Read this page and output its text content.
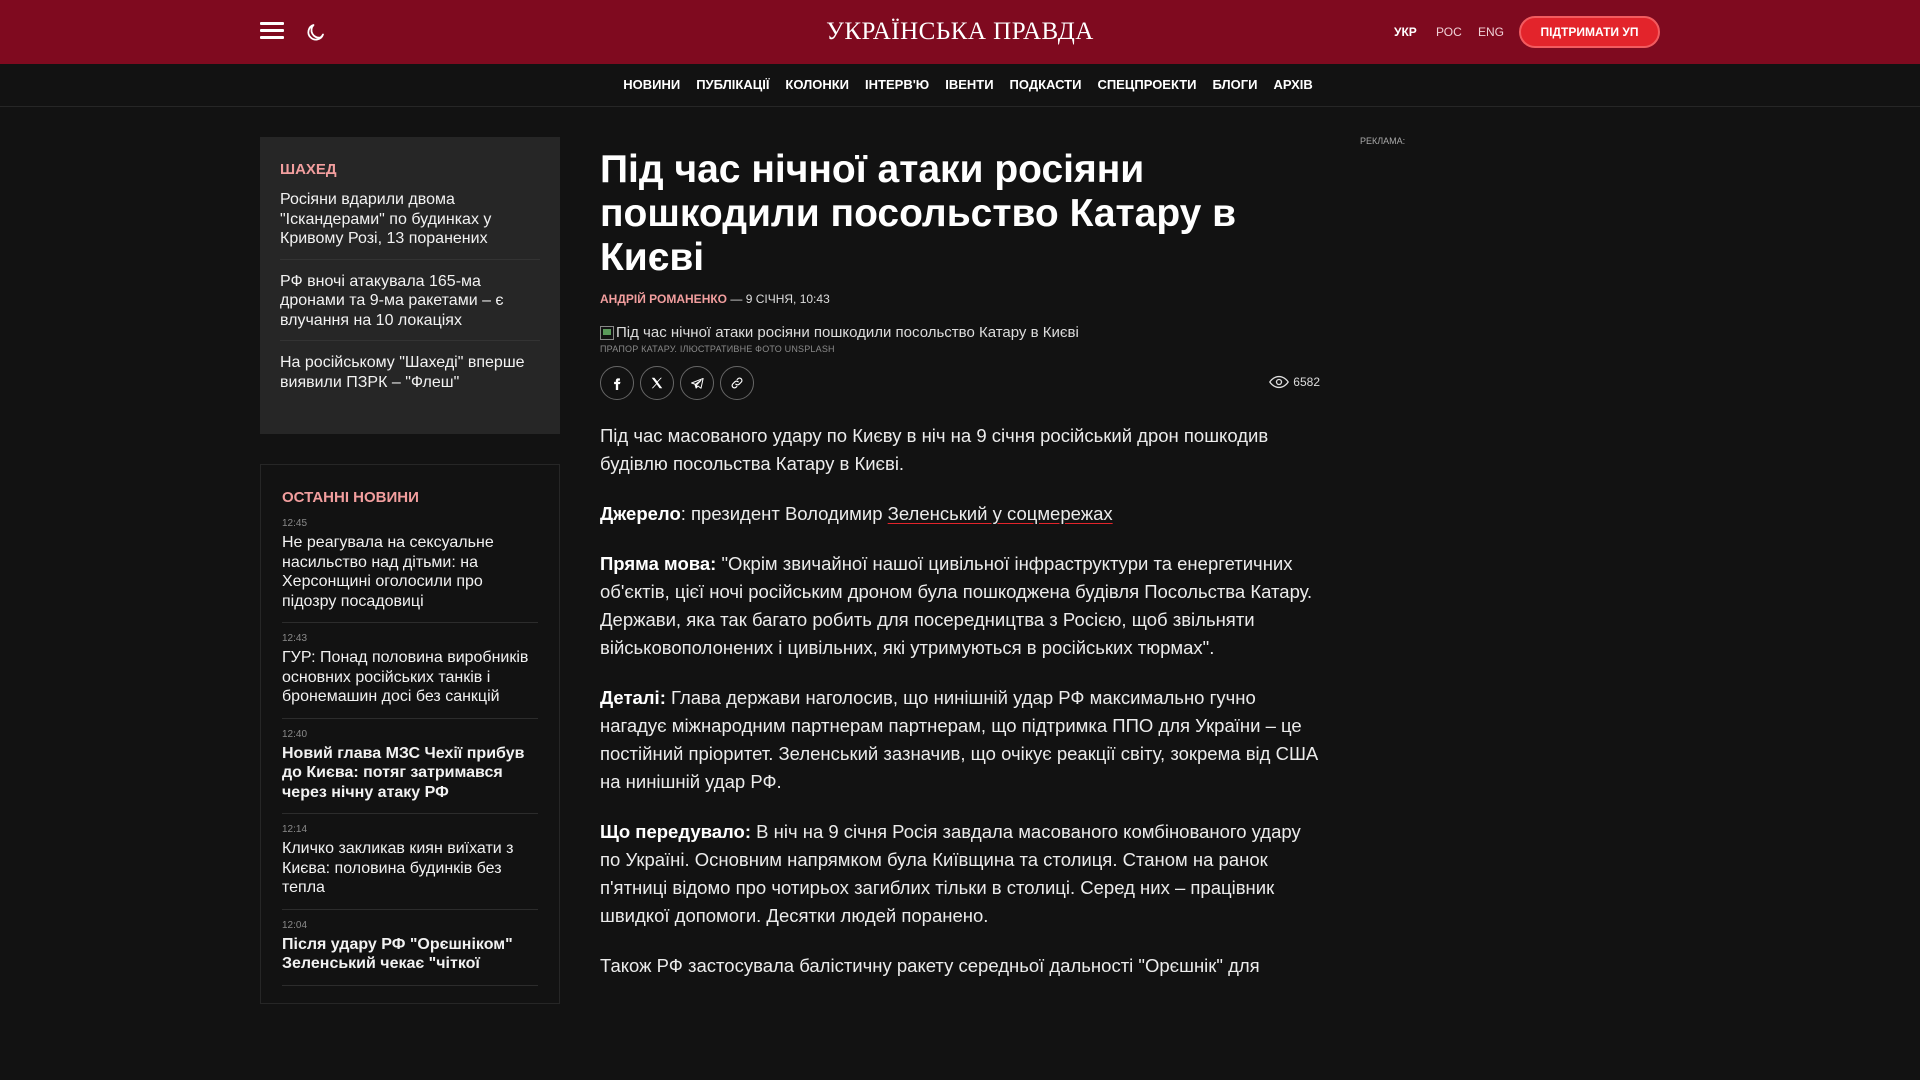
УКРАЇНСЬКА ПРАВДА	УКР РОС ENG	ПІДТРИМАТИ УП
НОВИНИ ПУБЛІКАЦІЇ КОЛОНКИ ІНТЕРВ'Ю ІВЕНТИ ПОДКАСТИ СПЕЦПРОЕКТИ БЛОГИ АРХІВ
ШАХЕД
Росіяни вдарили двома "Іскандерами" по будинках у Кривому Розі, 13 поранених
РФ вночі атакувала 165-ма дронами та 9-ма ракетами – є влучання на 10 локаціях
На російському "Шахеді" вперше виявили ПЗРК – "Флеш"
ОСТАННІ НОВИНИ
12:45
Не реагувала на сексуальне насильство над дітьми: на Херсонщині оголосили про підозру посадовиці
12:43
ГУР: Понад половина виробників основних російських танків і бронемашин досі без санкцій
12:40
Новий глава МЗС Чехії прибув до Києва: потяг затримався через нічну атаку РФ
12:14
Кличко закликав киян виїхати з Києва: половина будинків без тепла
12:04
Після удару РФ "Орєшніком" Зеленський чекає "чіткої
Під час нічної атаки росіяни пошкодили посольство Катару в Києві
АНДРІЙ РОМАНЕНКО — 9 СІЧНЯ, 10:43
Під час нічної атаки росіяни пошкодили посольство Катару в Києві
ПРАПОР КАТАРУ. ІЛЮСТРАТИВНЕ ФОТО UNSPLASH
6582

Під час масованого удару по Києву в ніч на 9 січня російський дрон пошкодив будівлю посольства Катару в Києві.

Джерело: президент Володимир Зеленський у соцмережах

Пряма мова: "Окрім звичайної нашої цивільної інфраструктури та енергетичних об'єктів, цієї ночі російським дроном була пошкоджена будівля Посольства Катару. Держави, яка так багато робить для посередництва з Росією, щоб звільняти військовополонених і цивільних, які утримуються в російських тюрмах".

Деталі: Глава держави наголосив, що нинішній удар РФ максимально гучно нагадує міжнародним партнерам партнерам, що підтримка ППО для України – це постійний пріоритет. Зеленський зазначив, що очікує реакції світу, зокрема від США на нинішній удар РФ.

Що передувало: В ніч на 9 січня Росія завдала масованого комбінованого удару по Україні. Основним напрямком була Київщина та столиця. Станом на ранок п'ятниці відомо про чотирьох загиблих тільки в столиці. Серед них – працівник швидкої допомоги. Десятки людей поранено.

Також РФ застосувала балістичну ракету середньої дальності "Орєшнік" для

РЕКЛАМА:
